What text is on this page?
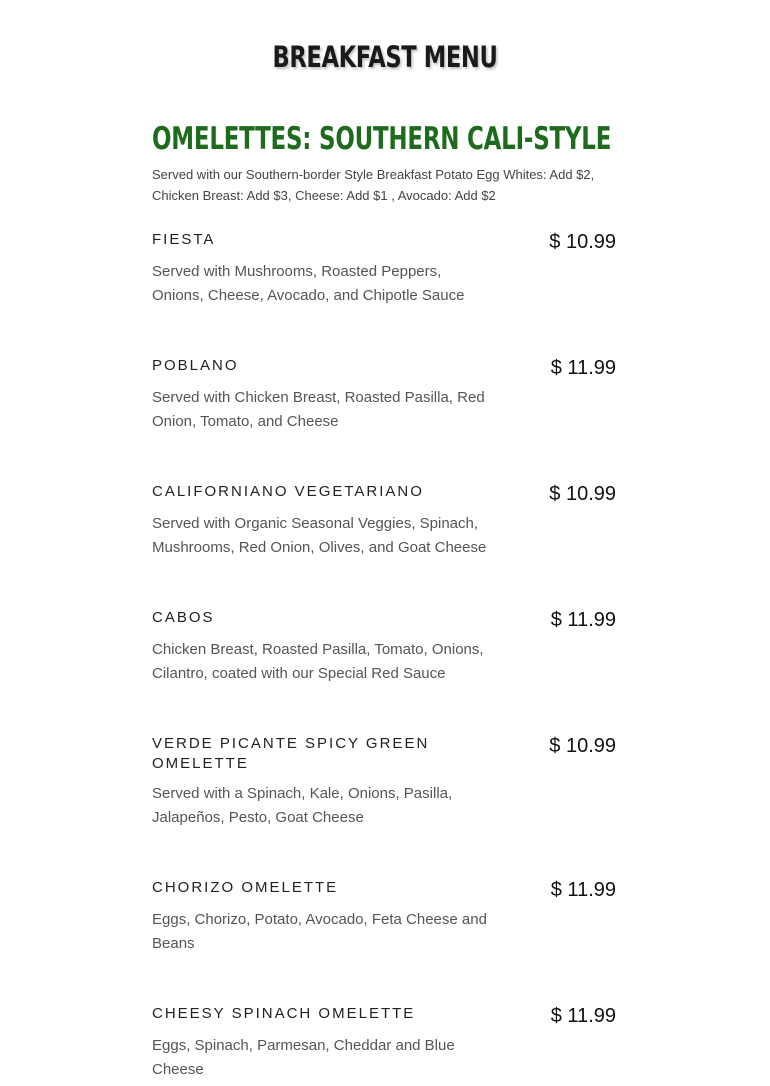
BREAKFAST MENU
OMELETTES: SOUTHERN CALI-STYLE
Served with our Southern-border Style Breakfast Potato Egg Whites: Add $2, Chicken Breast: Add $3, Cheese: Add $1 , Avocado: Add $2
FIESTA	$ 10.99
Served with Mushrooms, Roasted Peppers, Onions, Cheese, Avocado, and Chipotle Sauce
POBLANO	$ 11.99
Served with Chicken Breast, Roasted Pasilla, Red Onion, Tomato, and Cheese
CALIFORNIANO VEGETARIANO	$ 10.99
Served with Organic Seasonal Veggies, Spinach, Mushrooms, Red Onion, Olives, and Goat Cheese
CABOS	$ 11.99
Chicken Breast, Roasted Pasilla, Tomato, Onions, Cilantro, coated with our Special Red Sauce
VERDE PICANTE SPICY GREEN OMELETTE
$ 10.99
Served with a Spinach, Kale, Onions, Pasilla, Jalapeños, Pesto, Goat Cheese
CHORIZO OMELETTE	$ 11.99
Eggs, Chorizo, Potato, Avocado, Feta Cheese and Beans
CHEESY SPINACH OMELETTE	$ 11.99
Eggs, Spinach, Parmesan, Cheddar and Blue Cheese
